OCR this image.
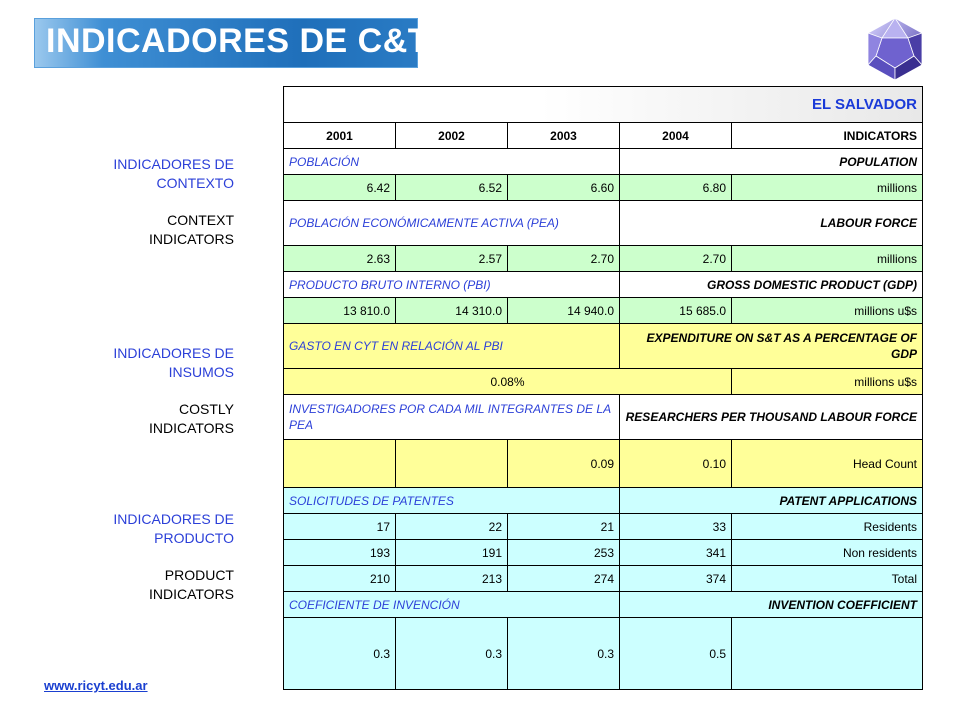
INDICADORES DE C&T
INDICADORES DE
CONTEXTO
CONTEXT
INDICATORS
INDICADORES DE
INSUMOS
COSTLY
INDICATORS
INDICADORES DE
PRODUCTO
PRODUCT
INDICATORS
www.ricyt.edu.ar
EL SALVADOR				
2001	2002	2003	2004	INDICATORS
POBLACIÓN			POPULATION	
6.42	6.52	6.60	6.80	millions
POBLACIÓN ECONÓMICAMENTE ACTIVA (PEA)			LABOUR FORCE	
2.63	2.57	2.70	2.70	millions
PRODUCTO BRUTO INTERNO (PBI)			GROSS DOMESTIC PRODUCT (GDP)	
13 810.0	14 310.0	14 940.0	15 685.0	millions u$s
GASTO EN CYT EN RELACIÓN AL PBI			EXPENDITURE ON S&T AS A PERCENTAGE OF GDP	
0.08%				millions u$s
INVESTIGADORES POR CADA MIL INTEGRANTES DE LA PEA			RESEARCHERS PER THOUSAND LABOUR FORCE	
		0.09	0.10	Head Count
SOLICITUDES DE PATENTES			PATENT APPLICATIONS	
17	22	21	33	Residents
193	191	253	341	Non residents
210	213	274	374	Total
COEFICIENTE DE INVENCIÓN			INVENTION COEFFICIENT	
0.3	0.3	0.3	0.5	
